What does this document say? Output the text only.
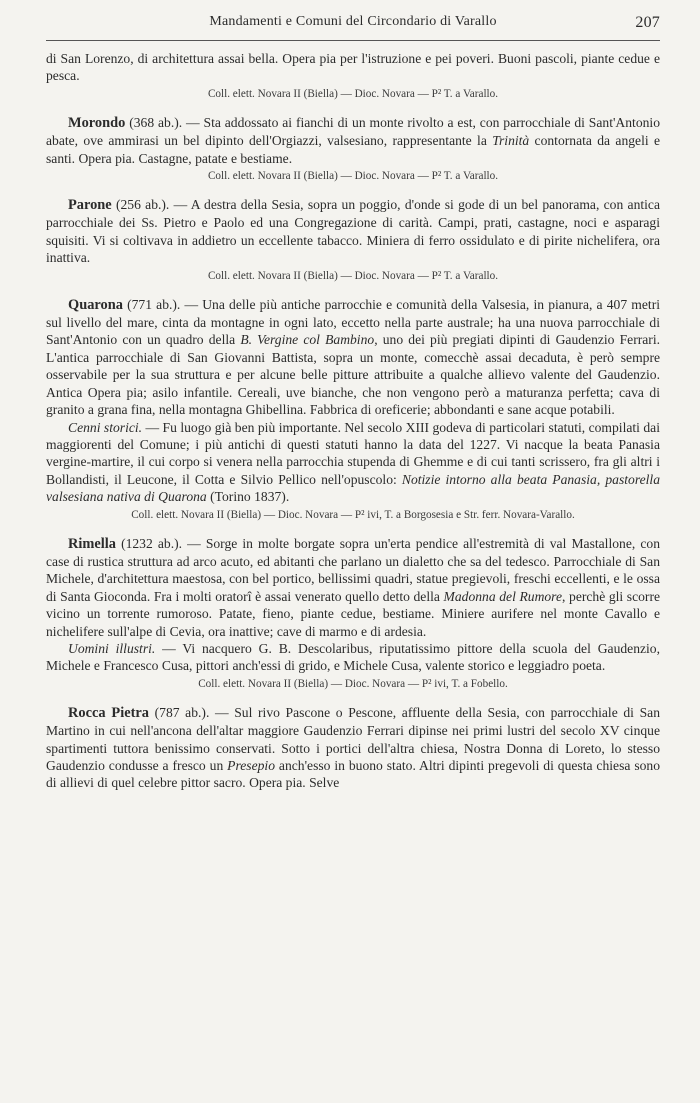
Mandamenti e Comuni del Circondario di Varallo	207

di San Lorenzo, di architettura assai bella. Opera pia per l'istruzione e pei poveri. Buoni pascoli, piante cedue e pesca.

Coll. elett. Novara II (Biella) — Dioc. Novara — P² T. a Varallo.

Morondo (368 ab.). — Sta addossato ai fianchi di un monte rivolto a est, con parrocchiale di Sant'Antonio abate, ove ammirasi un bel dipinto dell'Orgiazzi, valsesiano, rappresentante la Trinità contornata da angeli e santi. Opera pia. Castagne, patate e bestiame.

Coll. elett. Novara II (Biella) — Dioc. Novara — P² T. a Varallo.

Parone (256 ab.). — A destra della Sesia, sopra un poggio, d'onde si gode di un bel panorama, con antica parrocchiale dei Ss. Pietro e Paolo ed una Congregazione di carità. Campi, prati, castagne, noci e asparagi squisiti. Vi si coltivava in addietro un eccellente tabacco. Miniera di ferro ossidulato e di pirite nichelifera, ora inattiva.

Coll. elett. Novara II (Biella) — Dioc. Novara — P² T. a Varallo.

Quarona (771 ab.). — Una delle più antiche parrocchie e comunità della Valsesia, in pianura, a 407 metri sul livello del mare, cinta da montagne in ogni lato, eccetto nella parte australe; ha una nuova parrocchiale di Sant'Antonio con un quadro della B. Vergine col Bambino, uno dei più pregiati dipinti di Gaudenzio Ferrari. L'antica parrocchiale di San Giovanni Battista, sopra un monte, comecchè assai decaduta, è però sempre osservabile per la sua struttura e per alcune belle pitture attribuite a qualche allievo valente del Gaudenzio. Antica Opera pia; asilo infantile. Cereali, uve bianche, che non vengono però a maturanza perfetta; cava di granito a grana fina, nella montagna Ghibellina. Fabbrica di oreficerie; abbondanti e sane acque potabili.

Cenni storici. — Fu luogo già ben più importante. Nel secolo XIII godeva di particolari statuti, compilati dai maggiorenti del Comune; i più antichi di questi statuti hanno la data del 1227. Vi nacque la beata Panasia vergine-martire, il cui corpo si venera nella parrocchia stupenda di Ghemme e di cui tanti scrissero, fra gli altri i Bollandisti, il Leucone, il Cotta e Silvio Pellico nell'opuscolo: Notizie intorno alla beata Panasia, pastorella valsesiana nativa di Quarona (Torino 1837).

Coll. elett. Novara II (Biella) — Dioc. Novara — P² ivi, T. a Borgosesia e Str. ferr. Novara-Varallo.

Rimella (1232 ab.). — Sorge in molte borgate sopra un'erta pendice all'estremità di val Mastallone, con case di rustica struttura ad arco acuto, ed abitanti che parlano un dialetto che sa del tedesco. Parrocchiale di San Michele, d'architettura maestosa, con bel portico, bellissimi quadri, statue pregievoli, freschi eccellenti, e le ossa di Santa Gioconda. Fra i molti oratorî è assai venerato quello detto della Madonna del Rumore, perchè gli scorre vicino un torrente rumoroso. Patate, fieno, piante cedue, bestiame. Miniere aurifere nel monte Cavallo e nichelifere sull'alpe di Cevia, ora inattive; cave di marmo e di ardesia.

Uomini illustri. — Vi nacquero G. B. Descolaribus, riputatissimo pittore della scuola del Gaudenzio, Michele e Francesco Cusa, pittori anch'essi di grido, e Michele Cusa, valente storico e leggiadro poeta.

Coll. elett. Novara II (Biella) — Dioc. Novara — P² ivi, T. a Fobello.

Rocca Pietra (787 ab.). — Sul rivo Pascone o Pescone, affluente della Sesia, con parrocchiale di San Martino in cui nell'ancona dell'altar maggiore Gaudenzio Ferrari dipinse nei primi lustri del secolo XV cinque spartimenti tuttora benissimo conservati. Sotto i portici dell'altra chiesa, Nostra Donna di Loreto, lo stesso Gaudenzio condusse a fresco un Presepio anch'esso in buono stato. Altri dipinti pregevoli di questa chiesa sono di allievi di quel celebre pittor sacro. Opera pia. Selve
